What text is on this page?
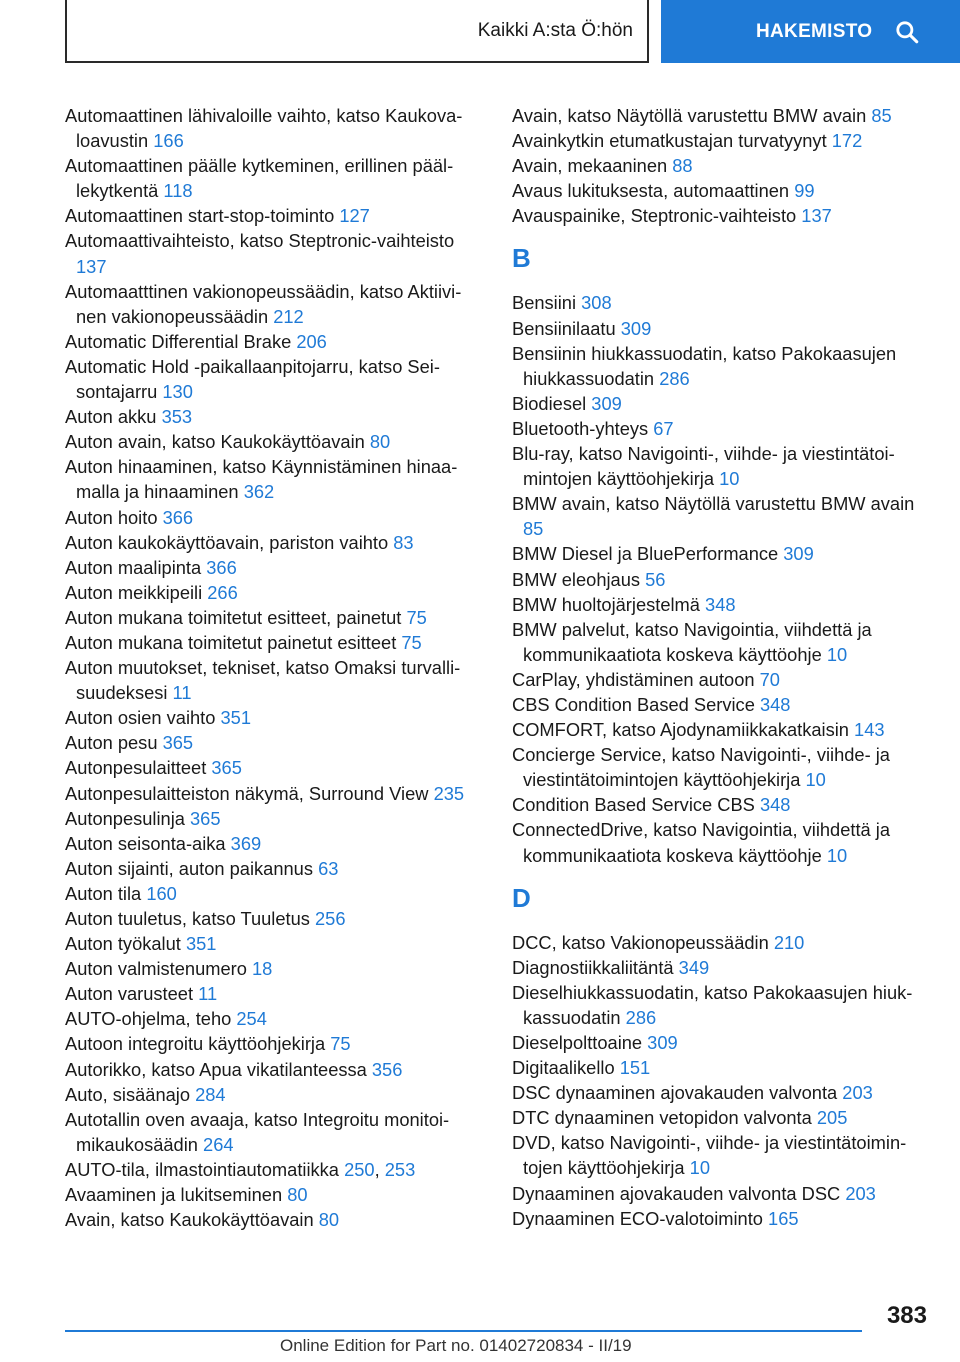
Kaikki A:sta Ö:hön	HAKEMISTO
Automaattinen lähivaloille vaihto, katso Kaukovaloavustin 166
Automaattinen päälle kytkeminen, erillinen päällekytkentä 118
Automaattinen start-stop-toiminto 127
Automaattivaihteisto, katso Steptronic-vaihteisto 137
Automaatttinen vakionopeussäädin, katso Aktiivinen vakionopeussäädin 212
Automatic Differential Brake 206
Automatic Hold -paikallaanpitojarru, katso Seisontajarru 130
Auton akku 353
Auton avain, katso Kaukokäyttöavain 80
Auton hinaaminen, katso Käynnistäminen hinaamalla ja hinaaminen 362
Auton hoito 366
Auton kaukokäyttöavain, pariston vaihto 83
Auton maalipinta 366
Auton meikkipeili 266
Auton mukana toimitetut esitteet, painetut 75
Auton mukana toimitetut painetut esitteet 75
Auton muutokset, tekniset, katso Omaksi turvallisuudeksesi 11
Auton osien vaihto 351
Auton pesu 365
Autonpesulaitteet 365
Autonpesulaitteiston näkymä, Surround View 235
Autonpesulinja 365
Auton seisonta-aika 369
Auton sijainti, auton paikannus 63
Auton tila 160
Auton tuuletus, katso Tuuletus 256
Auton työkalut 351
Auton valmistenumero 18
Auton varusteet 11
AUTO-ohjelma, teho 254
Autoon integroitu käyttöohjekirja 75
Autorikko, katso Apua vikatilanteessa 356
Auto, sisäänajo 284
Autotallin oven avaaja, katso Integroitu monitoimikaukosäädin 264
AUTO-tila, ilmastointiautomatiikka 250, 253
Avaaminen ja lukitseminen 80
Avain, katso Kaukokäyttöavain 80
Avain, katso Näytöllä varustettu BMW avain 85
Avainkytkin etumatkustajan turvatyynyt 172
Avain, mekaaninen 88
Avaus lukituksesta, automaattinen 99
Avauspainike, Steptronic-vaihteisto 137
B
Bensiini 308
Bensiinilaatu 309
Bensiinin hiukkassuodatin, katso Pakokaasujen hiukkassuodatin 286
Biodiesel 309
Bluetooth-yhteys 67
Blu-ray, katso Navigointi-, viihde- ja viestintätoimintojen käyttöohjekirja 10
BMW avain, katso Näytöllä varustettu BMW avain 85
BMW Diesel ja BluePerformance 309
BMW eleohjaus 56
BMW huoltojärjestelmä 348
BMW palvelut, katso Navigointia, viihdettä ja kommunikaatiota koskeva käyttöohje 10
CarPlay, yhdistäminen autoon 70
CBS Condition Based Service 348
COMFORT, katso Ajodynamiikkakatkaisin 143
Concierge Service, katso Navigointi-, viihde- ja viestintätoimintojen käyttöohjekirja 10
Condition Based Service CBS 348
ConnectedDrive, katso Navigointia, viihdettä ja kommunikaatiota koskeva käyttöohje 10
D
DCC, katso Vakionopeussäädin 210
Diagnostiikkaliitäntä 349
Dieselhiukkassuodatin, katso Pakokaasujen hiukkassuodatin 286
Dieselpolttoaine 309
Digitaalikello 151
DSC dynaaminen ajovakauden valvonta 203
DTC dynaaminen vetopidon valvonta 205
DVD, katso Navigointi-, viihde- ja viestintätoimintojen käyttöohjekirja 10
Dynaaminen ajovakauden valvonta DSC 203
Dynaaminen ECO-valotoiminto 165
383
Online Edition for Part no. 01402720834 - II/19
